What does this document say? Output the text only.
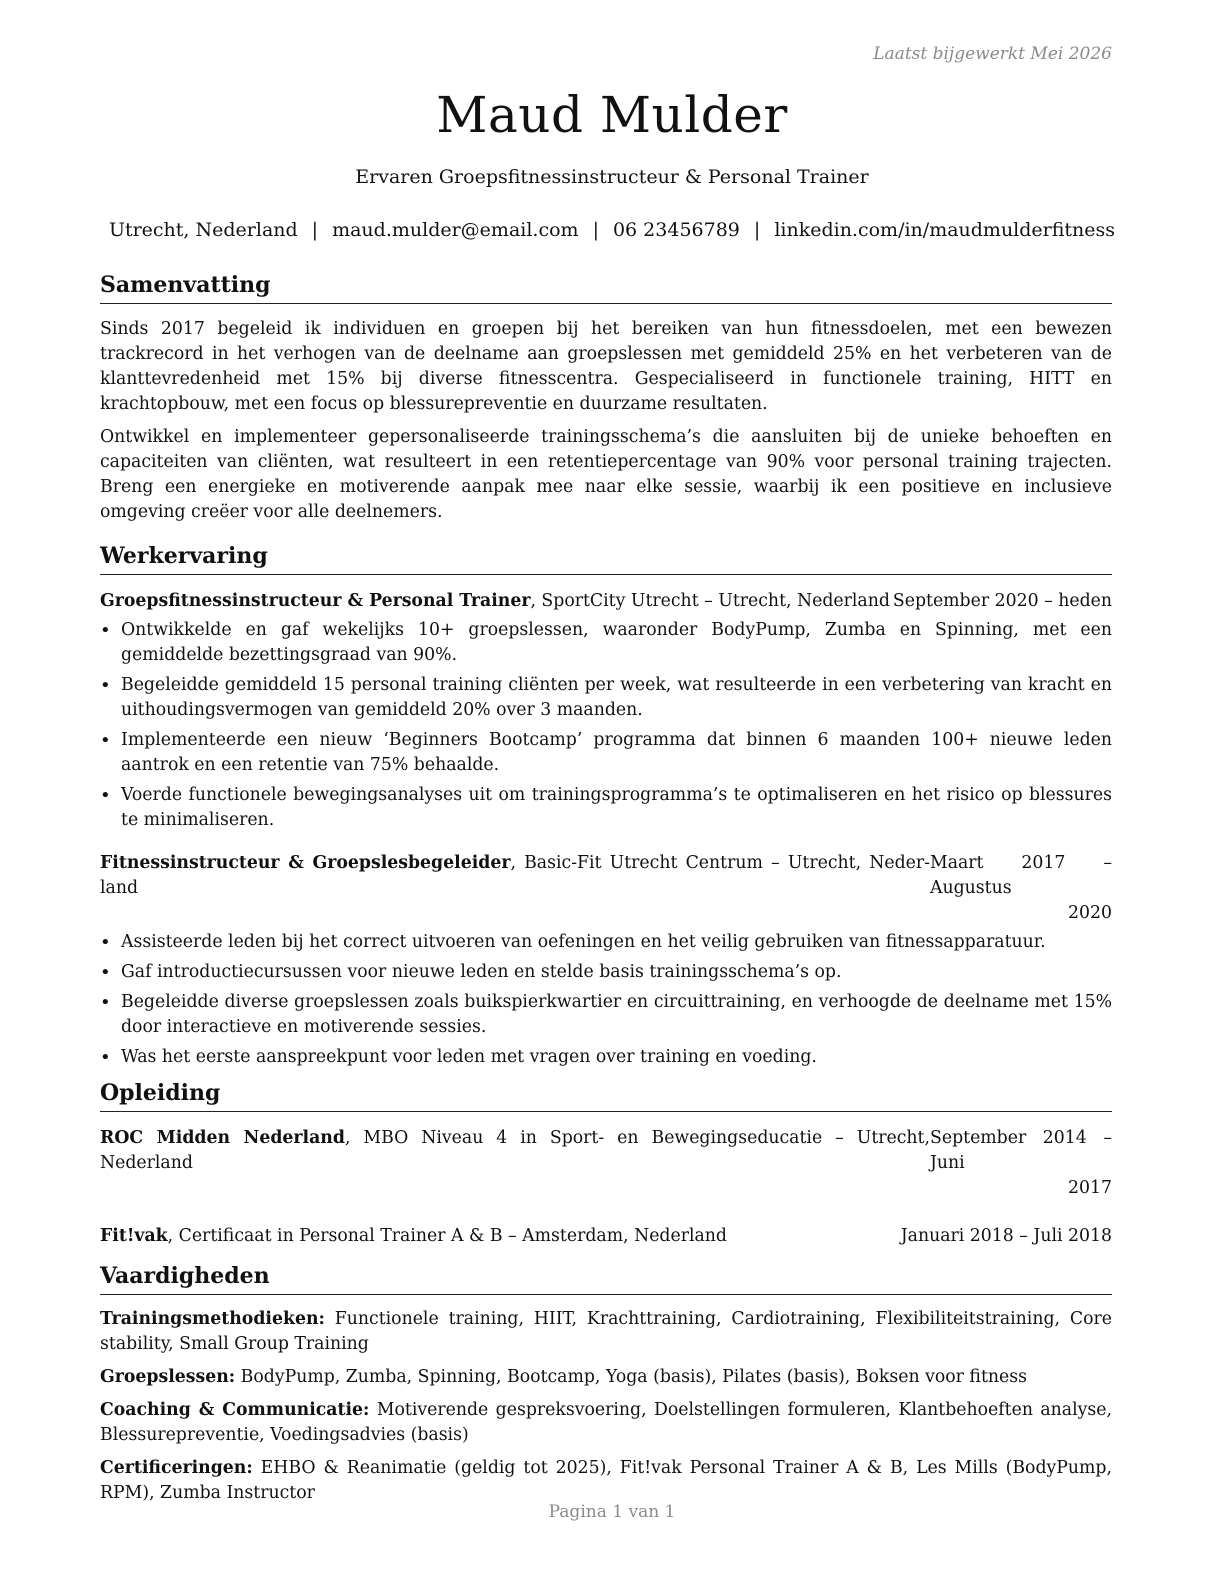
Laatst bijgewerkt Mei 2026
Maud Mulder
Ervaren Groepsfitnessinstructeur & Personal Trainer
Utrecht, Nederland | maud.mulder@email.com | 06 23456789 | linkedin.com/in/maudmulderfitness
Samenvatting

Sinds 2017 begeleid ik individuen en groepen bij het bereiken van hun fitnessdoelen, met een bewezen trackrecord in het verhogen van de deelname aan groepslessen met gemiddeld 25% en het verbeteren van de klanttevredenheid met 15% bij diverse fitnesscentra. Gespecialiseerd in functionele training, HITT en krachtopbouw, met een focus op blessurepreventie en duurzame resultaten.

Ontwikkel en implementeer gepersonaliseerde trainingsschema’s die aansluiten bij de unieke behoeften en capaciteiten van cliënten, wat resulteert in een retentiepercentage van 90% voor personal training trajecten. Breng een energieke en motiverende aanpak mee naar elke sessie, waarbij ik een positieve en inclusieve omgeving creëer voor alle deelnemers.

Werkervaring
Groepsfitnessinstructeur & Personal Trainer, SportCity Utrecht – Utrecht, Nederland September 2020 – heden
• Ontwikkelde en gaf wekelijks 10+ groepslessen, waaronder BodyPump, Zumba en Spinning, met een gemiddelde bezettingsgraad van 90%.
• Begeleidde gemiddeld 15 personal training cliënten per week, wat resulteerde in een verbetering van kracht en uithoudingsvermogen van gemiddeld 20% over 3 maanden.
• Implementeerde een nieuw ‘Beginners Bootcamp’ programma dat binnen 6 maanden 100+ nieuwe leden aantrok en een retentie van 75% behaalde.
• Voerde functionele bewegingsanalyses uit om trainingsprogramma’s te optimaliseren en het risico op blessures te minimaliseren.
Fitnessinstructeur & Groepslesbegeleider, Basic-Fit Utrecht Centrum – Utrecht, Neder-land
Maart 2017 – Augustus
2020
• Assisteerde leden bij het correct uitvoeren van oefeningen en het veilig gebruiken van fitnessapparatuur.
• Gaf introductiecursussen voor nieuwe leden en stelde basis trainingsschema’s op.
• Begeleidde diverse groepslessen zoals buikspierkwartier en circuittraining, en verhoogde de deelname met 15% door interactieve en motiverende sessies.
• Was het eerste aanspreekpunt voor leden met vragen over training en voeding.
Opleiding
ROC Midden Nederland, MBO Niveau 4 in Sport- en Bewegingseducatie – Utrecht, Nederland
September 2014 – Juni
2017
Fit!vak, Certificaat in Personal Trainer A & B – Amsterdam, Nederland	Januari 2018 – Juli 2018
Vaardigheden

Trainingsmethodieken: Functionele training, HIIT, Krachttraining, Cardiotraining, Flexibiliteitstraining, Core stability, Small Group Training

Groepslessen: BodyPump, Zumba, Spinning, Bootcamp, Yoga (basis), Pilates (basis), Boksen voor fitness

Coaching & Communicatie: Motiverende gespreksvoering, Doelstellingen formuleren, Klantbehoeften analyse, Blessurepreventie, Voedingsadvies (basis)

Certificeringen: EHBO & Reanimatie (geldig tot 2025), Fit!vak Personal Trainer A & B, Les Mills (BodyPump, RPM), Zumba Instructor

Pagina 1 van 1
